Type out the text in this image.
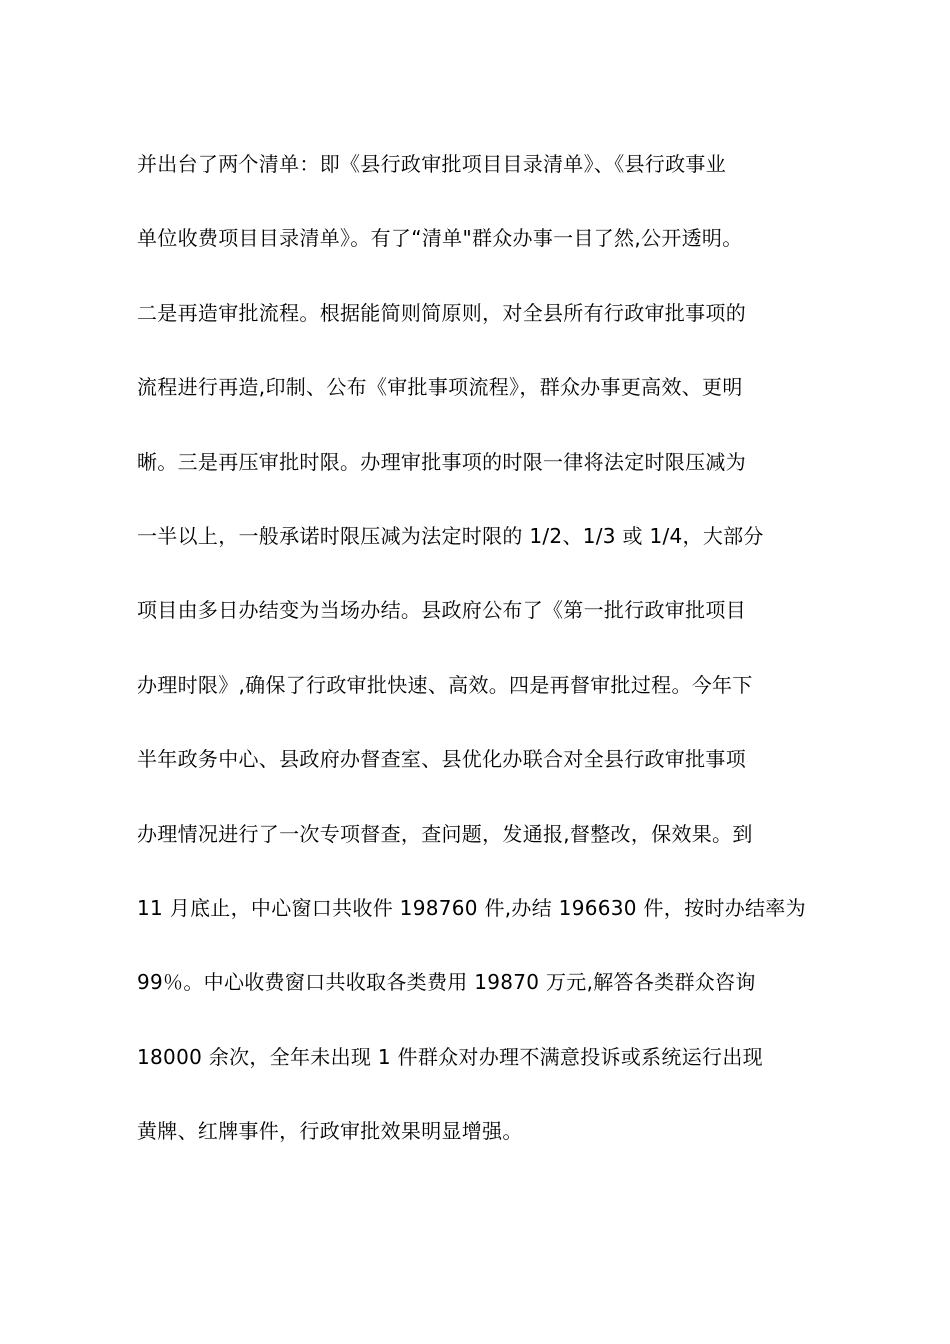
并出台了两个清单：即《县行政审批项目目录清单》、《县行政事业
单位收费项目目录清单》。有了“清单"群众办事一目了然,公开透明。
二是再造审批流程。根据能简则简原则，对全县所有行政审批事项的
流程进行再造,印制、公布《审批事项流程》，群众办事更高效、更明
晰。三是再压审批时限。办理审批事项的时限一律将法定时限压减为
一半以上，一般承诺时限压减为法定时限的 1/2、1/3 或 1/4，大部分
项目由多日办结变为当场办结。县政府公布了《第一批行政审批项目
办理时限》,确保了行政审批快速、高效。四是再督审批过程。今年下
半年政务中心、县政府办督查室、县优化办联合对全县行政审批事项
办理情况进行了一次专项督查，查问题，发通报,督整改，保效果。到
11 月底止，中心窗口共收件 198760 件,办结 196630 件，按时办结率为
99％。中心收费窗口共收取各类费用 19870 万元,解答各类群众咨询
18000 余次，全年未出现 1 件群众对办理不满意投诉或系统运行出现
黄牌、红牌事件，行政审批效果明显增强。
